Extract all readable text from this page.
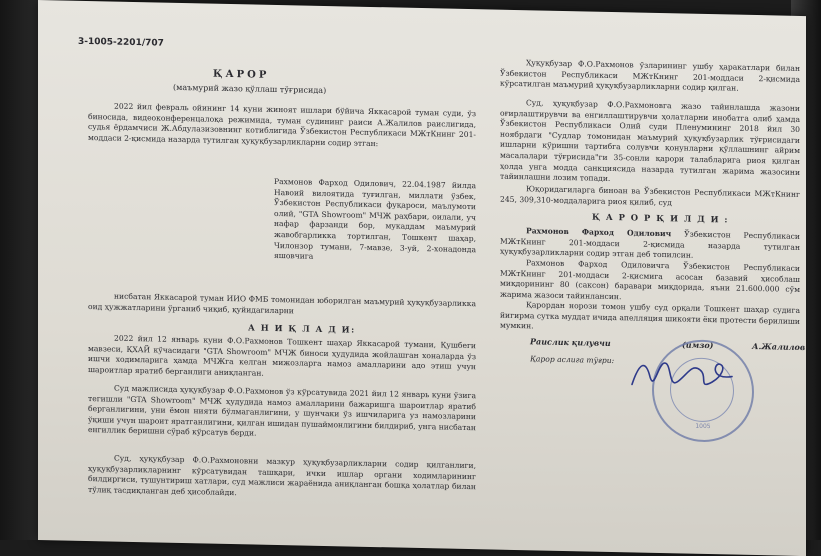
3-1005-2201/707
ҚАРОР
(маъмурий жазо қўллаш тўғрисида)

2022 йил февраль ойининг 14 куни жиноят ишлари бўйича Яккасарой туман суди, ўз биносида, видеоконференцалоқа режимида, туман судининг раиси А.Жалилов раислигида, судья ёрдамчиси Ж.Абдулазизовнинг котиблигида Ўзбекистон Республикаси МЖтКнинг 201-моддаси 2-қисмида назарда тутилган ҳуқуқбузарликларни содир этган:

Рахмонов Фарход Одилович, 22.04.1987 йилда Навоий вилоятида туғилган, миллати ўзбек, Ўзбекистон Республикаси фуқароси, маълумоти олий, "GTA Showroom" МЧЖ раҳбари, оилали, уч нафар фарзанди бор, мукаддам маъмурий жавобгарликка тортилган, Тошкент шаҳар, Чилонзор тумани, 7-мавзе, 3-уй, 2-хонадонда яшовчига

нисбатан Яккасарой туман ИИО ФМБ томонидан юборилган маъмурий ҳуқуқбузарликка оид ҳужжатларини ўрганиб чиқиб, қуйидагиларни

А Н И Қ Л А Д И:

2022 йил 12 январь куни Ф.О.Рахмонов Тошкент шаҳар Яккасарой тумани, Қушбеги мавзеси, ҚХАЙ кўчасидаги "GTA Showroom" МЧЖ биноси ҳудудида жойлашган хоналарда ўз ишчи ходимларига ҳамда МЧЖга келган мижозларга намоз амалларини адо этиш учун шароитлар яратиб берганлиги аниқланган.

Суд мажлисида ҳуқуқбузар Ф.О.Рахмонов ўз кўрсатувида 2021 йил 12 январь куни ўзига тегишли "GTA Showroom" МЧЖ ҳудудида намоз амалларини бажаришга шароитлар яратиб берганлигини, уни ёмон нияти бўлмаганлигини, у шунчаки ўз ишчиларига уз намозларини ўқиши учун шароит яратганлигини, қилган ишидан пушаймонлигини билдириб, унга нисбатан енгиллик беришни сўраб кўрсатув берди.

Суд, ҳуқуқбузар Ф.О.Рахмоновни мазкур ҳуқуқбузарликларни содир қилганлиги, ҳуқуқбузарликларнинг кўрсатувидан ташқари, ички ишлар органи ходимларининг билдиргиси, тушунтириш хатлари, суд мажлиси жараёнида аниқланган бошқа ҳолатлар билан тўлиқ тасдиқланган деб ҳисоблайди.

Ҳуқуқбузар Ф.О.Рахмонов ўзларининг ушбу ҳаракатлари билан Ўзбекистон Республикаси МЖтКнинг 201-моддаси 2-қисмида кўрсатилган маъмурий ҳуқуқбузарликларни содир қилган.

Суд, ҳуқуқбузар Ф.О.Рахмоновга жазо тайинлашда жазони оғирлаштирувчи ва енгиллаштирувчи ҳолатларни инобатга олиб ҳамда Ўзбекистон Республикаси Олий суди Пленумининг 2018 йил 30 ноябрдаги "Судлар томонидан маъмурий ҳуқуқбузарлик тўғрисидаги ишларни кўришни тартибга солувчи қонунларни қўллашнинг айрим масалалари тўғрисида"ги 35-сонли қарори талабларига риоя қилган ҳолда унга модда санкциясида назарда тутилган жарима жазосини тайинлашни лозим топади.

Юқоридагиларга биноан ва Ўзбекистон Республикаси МЖтКнинг 245, 309,310-моддаларига риоя қилиб, суд

Қ А Р О Р Қ И Л Д И :

Рахмонов Фарход Одилович Ўзбекистон Республикаси МЖтКнинг 201-моддаси 2-қисмида назарда тутилган ҳуқуқбузарликларни содир этган деб топилсин.

Рахмонов Фарход Одиловичга Ўзбекистон Республикаси МЖтКнинг 201-моддаси 2-қисмига асосан базавий ҳисоблаш миқдорининг 80 (саксон) баравари миқдорида, яъни 21.600.000 сўм жарима жазоси тайинлансин.

Қарордан норози томон ушбу суд орқали Тошкент шаҳар судига йигирма сутка муддат ичида апелляция шикояти ёки протести берилиши мумкин.

Раислик қилувчи	(имзо)	А.Жалилов

Қарор аслига тўғри:

1005
